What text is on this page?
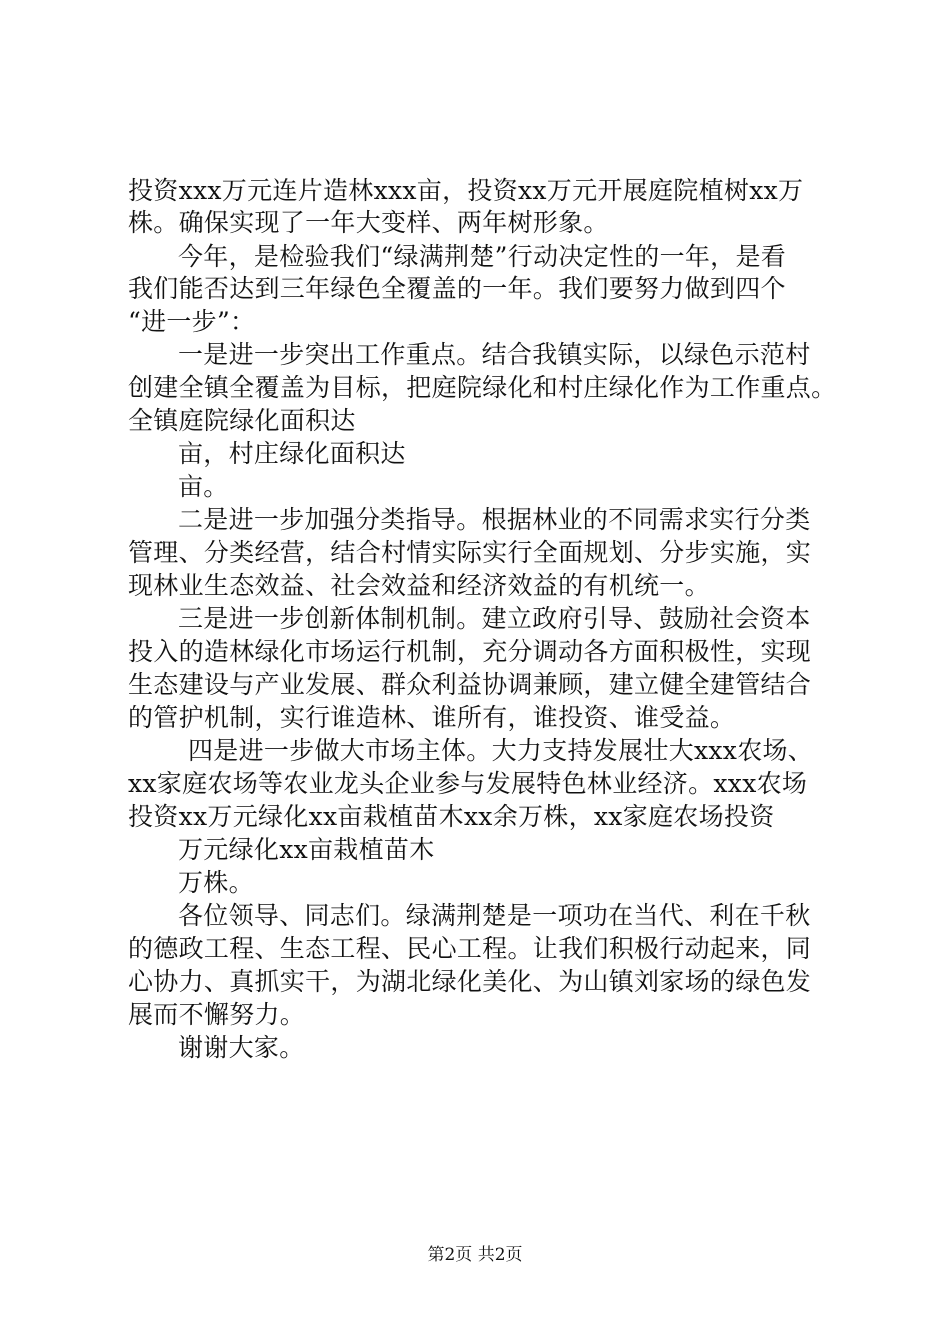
投资xxx万元连片造林xxx亩，投资xx万元开展庭院植树xx万
株。确保实现了一年大变样、两年树形象。
今年，是检验我们“绿满荆楚”行动决定性的一年，是看
我们能否达到三年绿色全覆盖的一年。我们要努力做到四个
“进一步”：
一是进一步突出工作重点。结合我镇实际，以绿色示范村
创建全镇全覆盖为目标，把庭院绿化和村庄绿化作为工作重点。
全镇庭院绿化面积达
亩，村庄绿化面积达
亩。
二是进一步加强分类指导。根据林业的不同需求实行分类
管理、分类经营，结合村情实际实行全面规划、分步实施，实
现林业生态效益、社会效益和经济效益的有机统一。
三是进一步创新体制机制。建立政府引导、鼓励社会资本
投入的造林绿化市场运行机制，充分调动各方面积极性，实现
生态建设与产业发展、群众利益协调兼顾，建立健全建管结合
的管护机制，实行谁造林、谁所有，谁投资、谁受益。
四是进一步做大市场主体。大力支持发展壮大xxx农场、
xx家庭农场等农业龙头企业参与发展特色林业经济。xxx农场
投资xx万元绿化xx亩栽植苗木xx余万株，xx家庭农场投资
万元绿化xx亩栽植苗木
万株。
各位领导、同志们。绿满荆楚是一项功在当代、利在千秋
的德政工程、生态工程、民心工程。让我们积极行动起来，同
心协力、真抓实干，为湖北绿化美化、为山镇刘家场的绿色发
展而不懈努力。
谢谢大家。
第2页 共2页
